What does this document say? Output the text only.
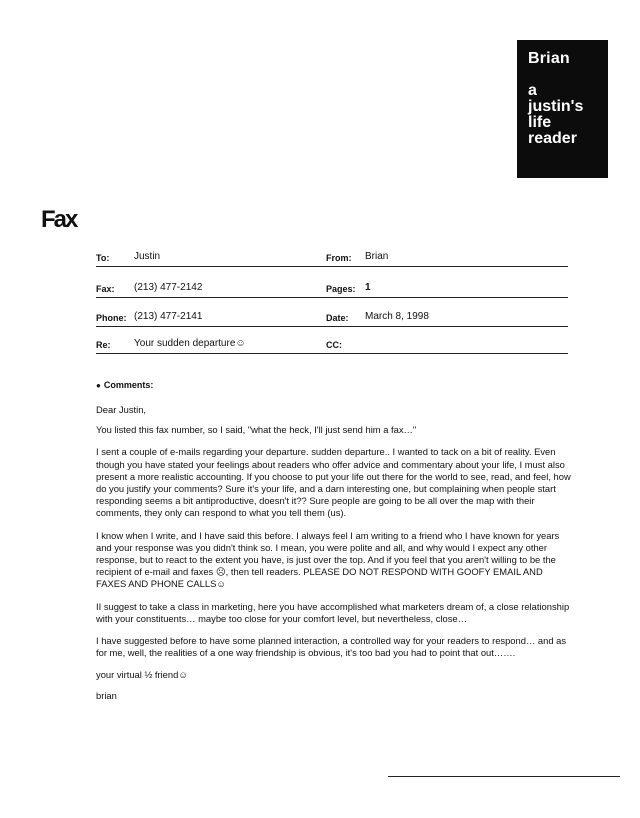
Brian
a
justin's
life
reader
Fax
To: Justin	From: Brian
Fax: (213) 477-2142	Pages: 1
Phone: (213) 477-2141	Date: March 8, 1998
Re: Your sudden departure☺	CC:
● Comments:

Dear Justin,

You listed this fax number, so I said, "what the heck, I'll just send him a fax…"

I sent a couple of e-mails regarding your departure. sudden departure.. I wanted to tack on a bit of reality. Even though you have stated your feelings about readers who offer advice and commentary about your life, I must also present a more realistic accounting. If you choose to put your life out there for the world to see, read, and feel, how do you justify your comments? Sure it's your life, and a darn interesting one, but complaining when people start responding seems a bit antiproductive, doesn't it?? Sure people are going to be all over the map with their comments, they only can respond to what you tell them (us).

I know when I write, and I have said this before. I always feel I am writing to a friend who I have known for years and your response was you didn't think so. I mean, you were polite and all, and why would I expect any other response, but to react to the extent you have, is just over the top. And if you feel that you aren't willing to be the recipient of e-mail and faxes ☹, then tell readers. PLEASE DO NOT RESPOND WITH GOOFY EMAIL AND FAXES AND PHONE CALLS☺

II suggest to take a class in marketing, here you have accomplished what marketers dream of, a close relationship with your constituents… maybe too close for your comfort level, but nevertheless, close…

I have suggested before to have some planned interaction, a controlled way for your readers to respond… and as for me, well, the realities of a one way friendship is obvious, it's too bad you had to point that out…….

your virtual ½ friend☺

brian
